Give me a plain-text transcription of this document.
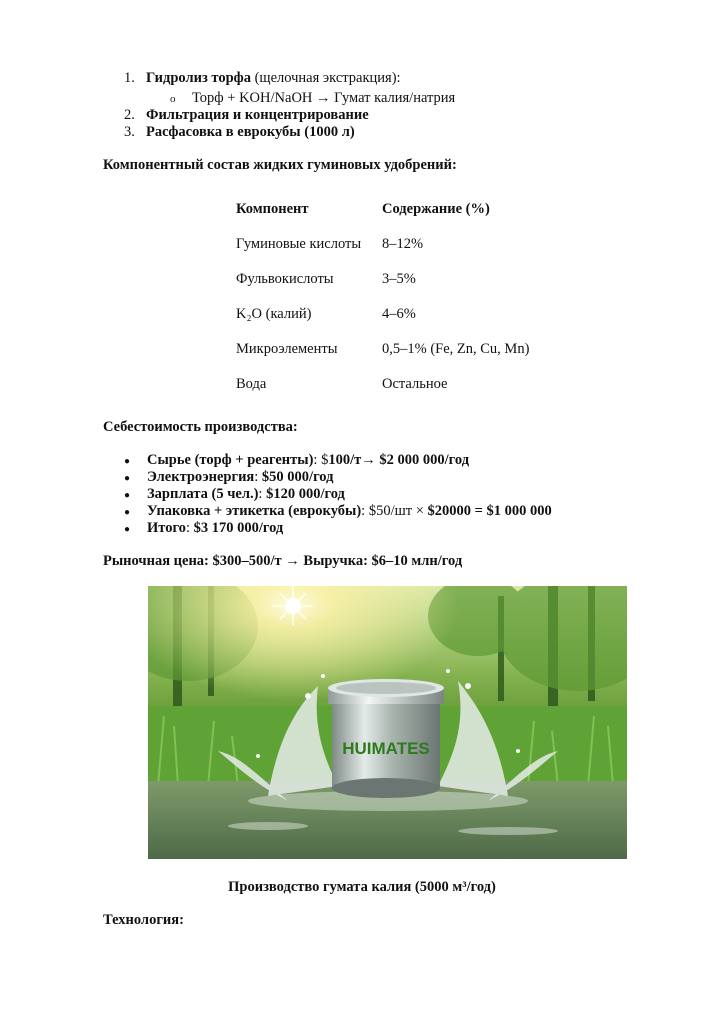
1. Гидролиз торфа (щелочная экстракция):
o Торф + KOH/NaOH → Гумат калия/натрия
2. Фильтрация и концентрирование
3. Расфасовка в еврокубы (1000 л)
Компонентный состав жидких гуминовых удобрений:
Компонент	Содержание (%)
Гуминовые кислоты 8–12%
Фульвокислоты	3–5%
K₂O (калий)	4–6%
Микроэлементы	0,5–1% (Fe, Zn, Cu, Mn)
Вода	Остальное
Себестоимость производства:
● Сырье (торф + реагенты): $100/т→ $2 000 000/год
● Электроэнергия: $50 000/год
● Зарплата (5 чел.): $120 000/год
● Упаковка + этикетка (еврокубы): $50/шт × $20000 = $1 000 000
● Итого: $3 170 000/год
Рыночная цена: $300–500/т → Выручка: $6–10 млн/год
HUIMATES
Производство гумата калия (5000 м³/год)
Технология:
